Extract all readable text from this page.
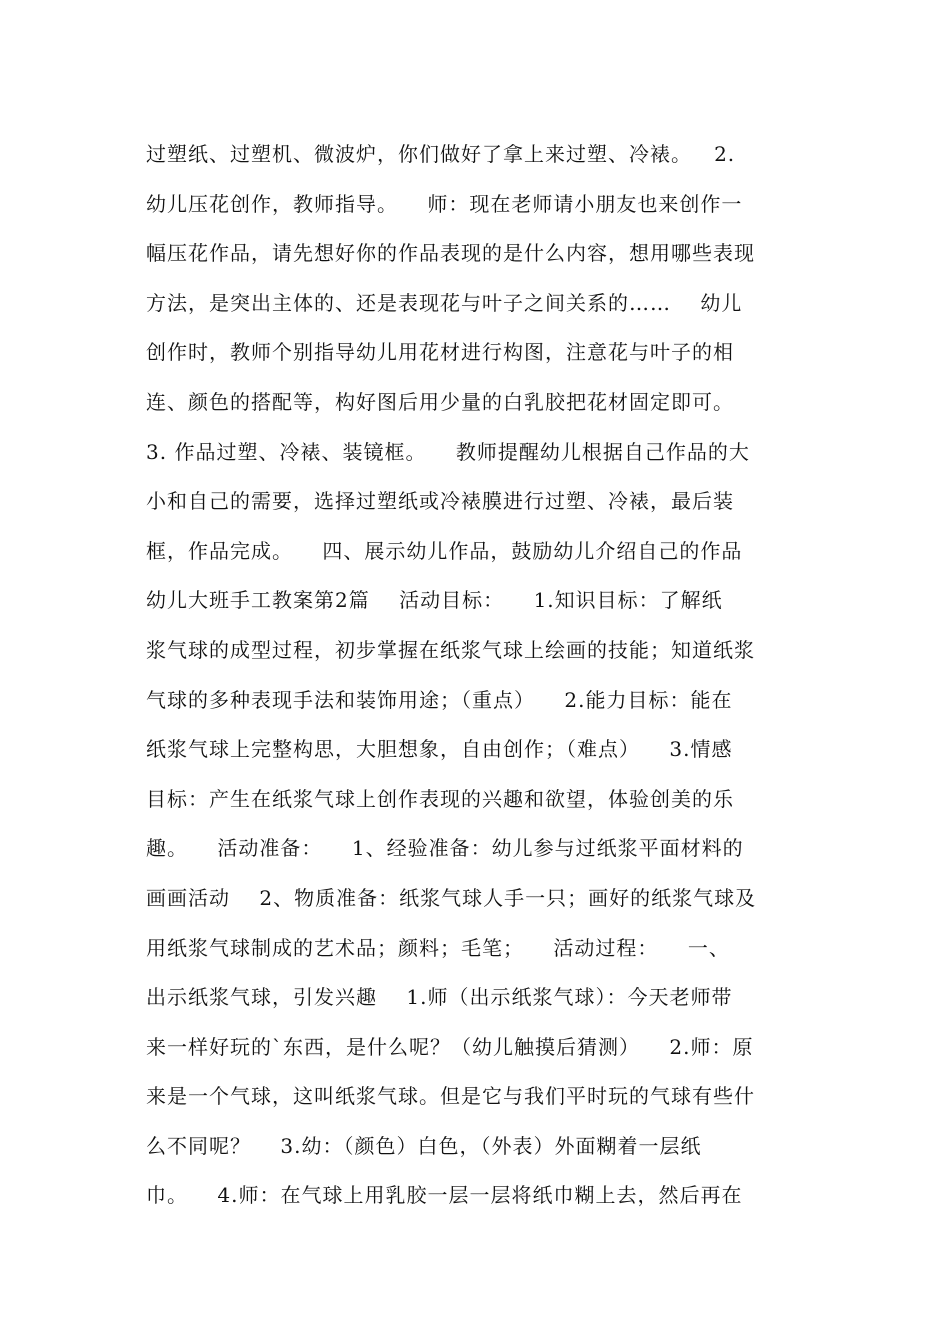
过塑纸、过塑机、微波炉，你们做好了拿上来过塑、冷裱。   2.
幼儿压花创作，教师指导。    师：现在老师请小朋友也来创作一
幅压花作品，请先想好你的作品表现的是什么内容，想用哪些表现
方法，是突出主体的、还是表现花与叶子之间关系的……    幼儿
创作时，教师个别指导幼儿用花材进行构图，注意花与叶子的相
连、颜色的搭配等，构好图后用少量的白乳胶把花材固定即可。
3. 作品过塑、冷裱、装镜框。    教师提醒幼儿根据自己作品的大
小和自己的需要，选择过塑纸或冷裱膜进行过塑、冷裱，最后装
框，作品完成。    四、展示幼儿作品，鼓励幼儿介绍自己的作品
幼儿大班手工教案第2篇    活动目标：    1.知识目标：了解纸
浆气球的成型过程，初步掌握在纸浆气球上绘画的技能；知道纸浆
气球的多种表现手法和装饰用途；（重点）    2.能力目标：能在
纸浆气球上完整构思，大胆想象，自由创作；（难点）    3.情感
目标：产生在纸浆气球上创作表现的兴趣和欲望，体验创美的乐
趣。    活动准备：    1、经验准备：幼儿参与过纸浆平面材料的
画画活动    2、物质准备：纸浆气球人手一只；画好的纸浆气球及
用纸浆气球制成的艺术品；颜料；毛笔；    活动过程：    一、
出示纸浆气球，引发兴趣    1.师（出示纸浆气球）：今天老师带
来一样好玩的`东西，是什么呢？（幼儿触摸后猜测）    2.师：原
来是一个气球，这叫纸浆气球。但是它与我们平时玩的气球有些什
么不同呢？    3.幼：（颜色）白色，（外表）外面糊着一层纸
巾。    4.师：在气球上用乳胶一层一层将纸巾糊上去，然后再在
